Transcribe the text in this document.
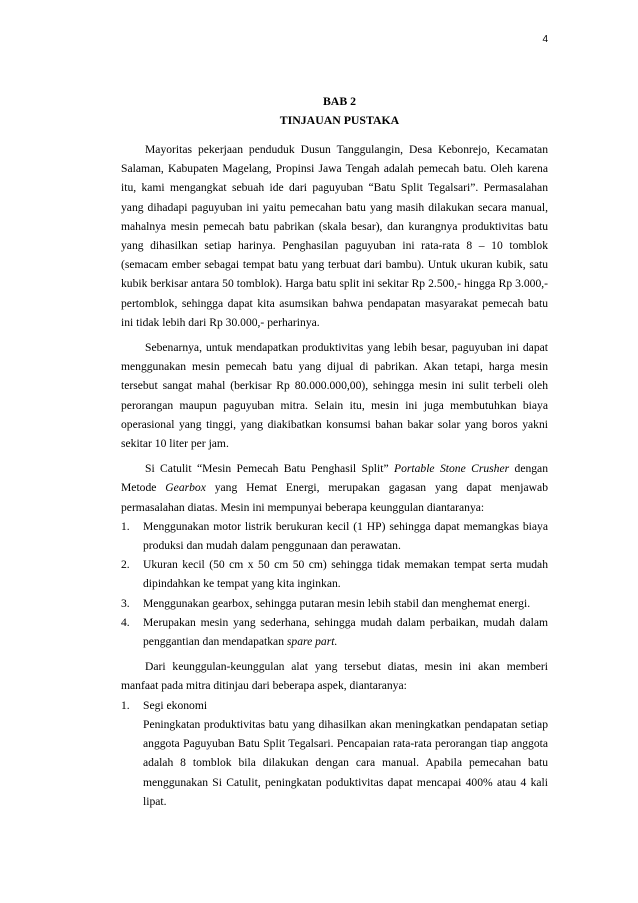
4
BAB 2
TINJAUAN PUSTAKA

Mayoritas pekerjaan penduduk Dusun Tanggulangin, Desa Kebonrejo, Kecamatan Salaman, Kabupaten Magelang, Propinsi Jawa Tengah adalah pemecah batu. Oleh karena itu, kami mengangkat sebuah ide dari paguyuban “Batu Split Tegalsari”. Permasalahan yang dihadapi paguyuban ini yaitu pemecahan batu yang masih dilakukan secara manual, mahalnya mesin pemecah batu pabrikan (skala besar), dan kurangnya produktivitas batu yang dihasilkan setiap harinya. Penghasilan paguyuban ini rata-rata 8 – 10 tomblok (semacam ember sebagai tempat batu yang terbuat dari bambu). Untuk ukuran kubik, satu kubik berkisar antara 50 tomblok). Harga batu split ini sekitar Rp 2.500,- hingga Rp 3.000,- pertomblok, sehingga dapat kita asumsikan bahwa pendapatan masyarakat pemecah batu ini tidak lebih dari Rp 30.000,- perharinya.

Sebenarnya, untuk mendapatkan produktivitas yang lebih besar, paguyuban ini dapat menggunakan mesin pemecah batu yang dijual di pabrikan. Akan tetapi, harga mesin tersebut sangat mahal (berkisar Rp 80.000.000,00), sehingga mesin ini sulit terbeli oleh perorangan maupun paguyuban mitra. Selain itu, mesin ini juga membutuhkan biaya operasional yang tinggi, yang diakibatkan konsumsi bahan bakar solar yang boros yakni sekitar 10 liter per jam.

Si Catulit “Mesin Pemecah Batu Penghasil Split” Portable Stone Crusher dengan Metode Gearbox yang Hemat Energi, merupakan gagasan yang dapat menjawab permasalahan diatas. Mesin ini mempunyai beberapa keunggulan diantaranya:

1. Menggunakan motor listrik berukuran kecil (1 HP) sehingga dapat memangkas biaya produksi dan mudah dalam penggunaan dan perawatan.
2. Ukuran kecil (50 cm x 50 cm 50 cm) sehingga tidak memakan tempat serta mudah dipindahkan ke tempat yang kita inginkan.
3. Menggunakan gearbox, sehingga putaran mesin lebih stabil dan menghemat energi.
4. Merupakan mesin yang sederhana, sehingga mudah dalam perbaikan, mudah dalam penggantian dan mendapatkan spare part.

Dari keunggulan-keunggulan alat yang tersebut diatas, mesin ini akan memberi manfaat pada mitra ditinjau dari beberapa aspek, diantaranya:

1. Segi ekonomi
Peningkatan produktivitas batu yang dihasilkan akan meningkatkan pendapatan setiap anggota Paguyuban Batu Split Tegalsari. Pencapaian rata-rata perorangan tiap anggota adalah 8 tomblok bila dilakukan dengan cara manual. Apabila pemecahan batu menggunakan Si Catulit, peningkatan poduktivitas dapat mencapai 400% atau 4 kali lipat.
